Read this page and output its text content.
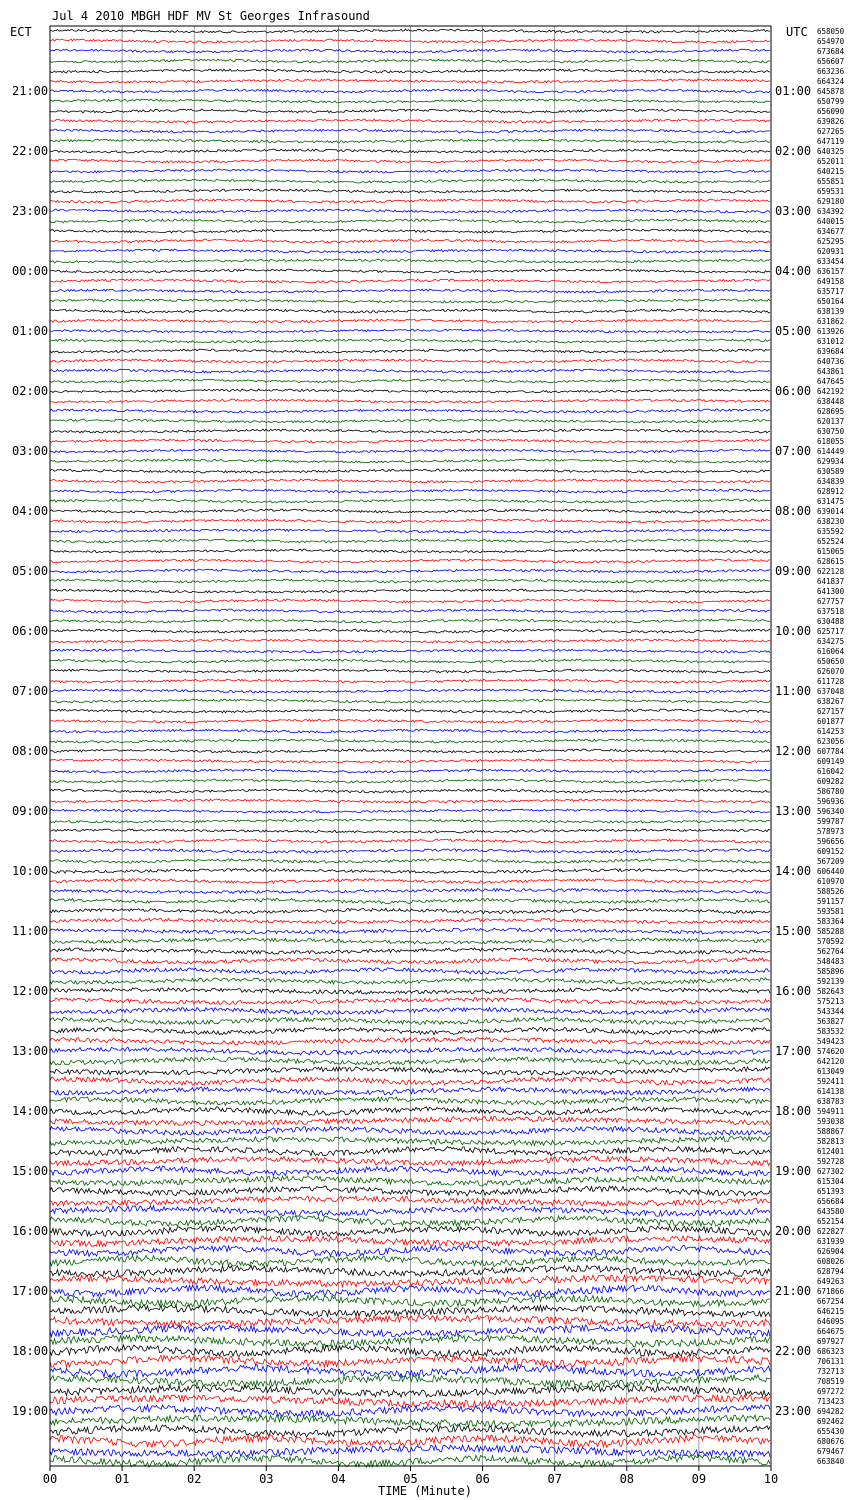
Jul 4 2010 MBGH HDF MV St Georges Infrasound
ECT	UTC
21:00
22:00
23:00
00:00
01:00
02:00
03:00
04:00
05:00
06:00
07:00
08:00
09:00
10:00
11:00
12:00
13:00
14:00
15:00
16:00
17:00
18:00
19:00
01:00
02:00
03:00
04:00
05:00
06:00
07:00
08:00
09:00
10:00
11:00
12:00
13:00
14:00
15:00
16:00
17:00
18:00
19:00
20:00
21:00
22:00
23:00
658050
654970
673684
656607
663236
664324
645878
650799
656090
639826
627265
647119
640325
652011
640215
655851
659531
629180
634392
640015
634677
625295
620931
633454
636157
649158
635717
650164
638139
631862
613926
631012
639684
640736
643861
647645
642192
638448
628695
620137
630750
618055
614449
629934
630589
634839
628912
631475
639014
638230
635592
652524
615065
628615
622128
641837
641300
627757
637518
630488
625717
634275
616064
650650
626070
611728
637048
638267
627157
601877
614253
623056
607784
609149
616042
609282
586780
596936
596340
599787
578973
596656
609152
567209
606440
610970
588526
591157
593581
583364
585288
570592
562764
548483
585896
592139
582643
575213
543344
563827
583532
549423
574620
642120
613049
592411
614138
638783
594911
593038
588867
582813
612401
592728
627302
615304
651393
656684
643580
652154
622827
631939
626904
608026
628794
649263
671866
667254
646215
646095
664675
697927
686323
706131
732713
708519
697272
713423
694282
692462
655430
680676
679467
663840
00	01	02	03	04	05	06	07	08	09	10
TIME (Minute)
